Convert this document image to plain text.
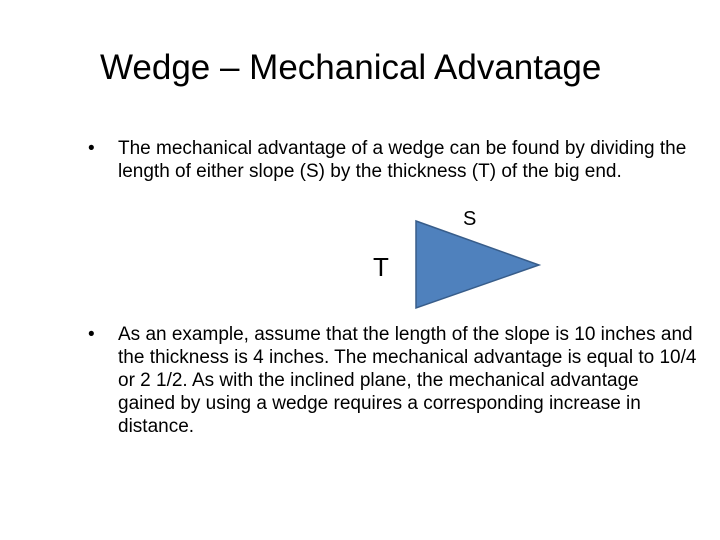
Wedge – Mechanical Advantage

• The mechanical advantage of a wedge can be found by dividing the length of either slope (S) by the thickness (T) of the big end.

S
T

• As an example, assume that the length of the slope is 10 inches and the thickness is 4 inches. The mechanical advantage is equal to 10/4 or 2 1/2. As with the inclined plane, the mechanical advantage gained by using a wedge requires a corresponding increase in distance.
